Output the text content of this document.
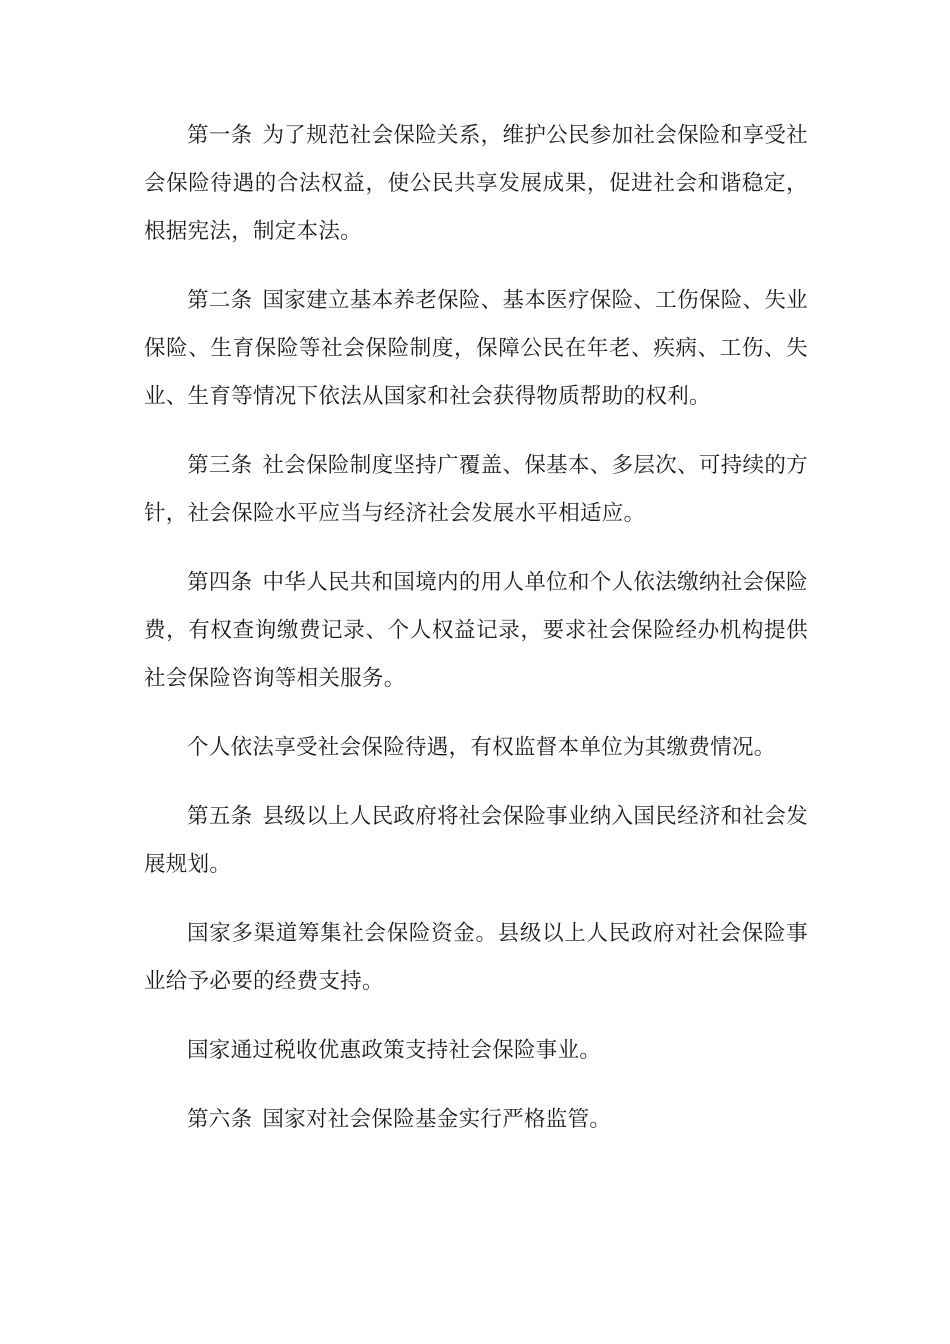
第一条 为了规范社会保险关系，维护公民参加社会保险和享受社会保险待遇的合法权益，使公民共享发展成果，促进社会和谐稳定，根据宪法，制定本法。

第二条 国家建立基本养老保险、基本医疗保险、工伤保险、失业保险、生育保险等社会保险制度，保障公民在年老、疾病、工伤、失业、生育等情况下依法从国家和社会获得物质帮助的权利。

第三条 社会保险制度坚持广覆盖、保基本、多层次、可持续的方针，社会保险水平应当与经济社会发展水平相适应。

第四条 中华人民共和国境内的用人单位和个人依法缴纳社会保险费，有权查询缴费记录、个人权益记录，要求社会保险经办机构提供社会保险咨询等相关服务。

个人依法享受社会保险待遇，有权监督本单位为其缴费情况。

第五条 县级以上人民政府将社会保险事业纳入国民经济和社会发展规划。

国家多渠道筹集社会保险资金。县级以上人民政府对社会保险事业给予必要的经费支持。

国家通过税收优惠政策支持社会保险事业。

第六条 国家对社会保险基金实行严格监管。
